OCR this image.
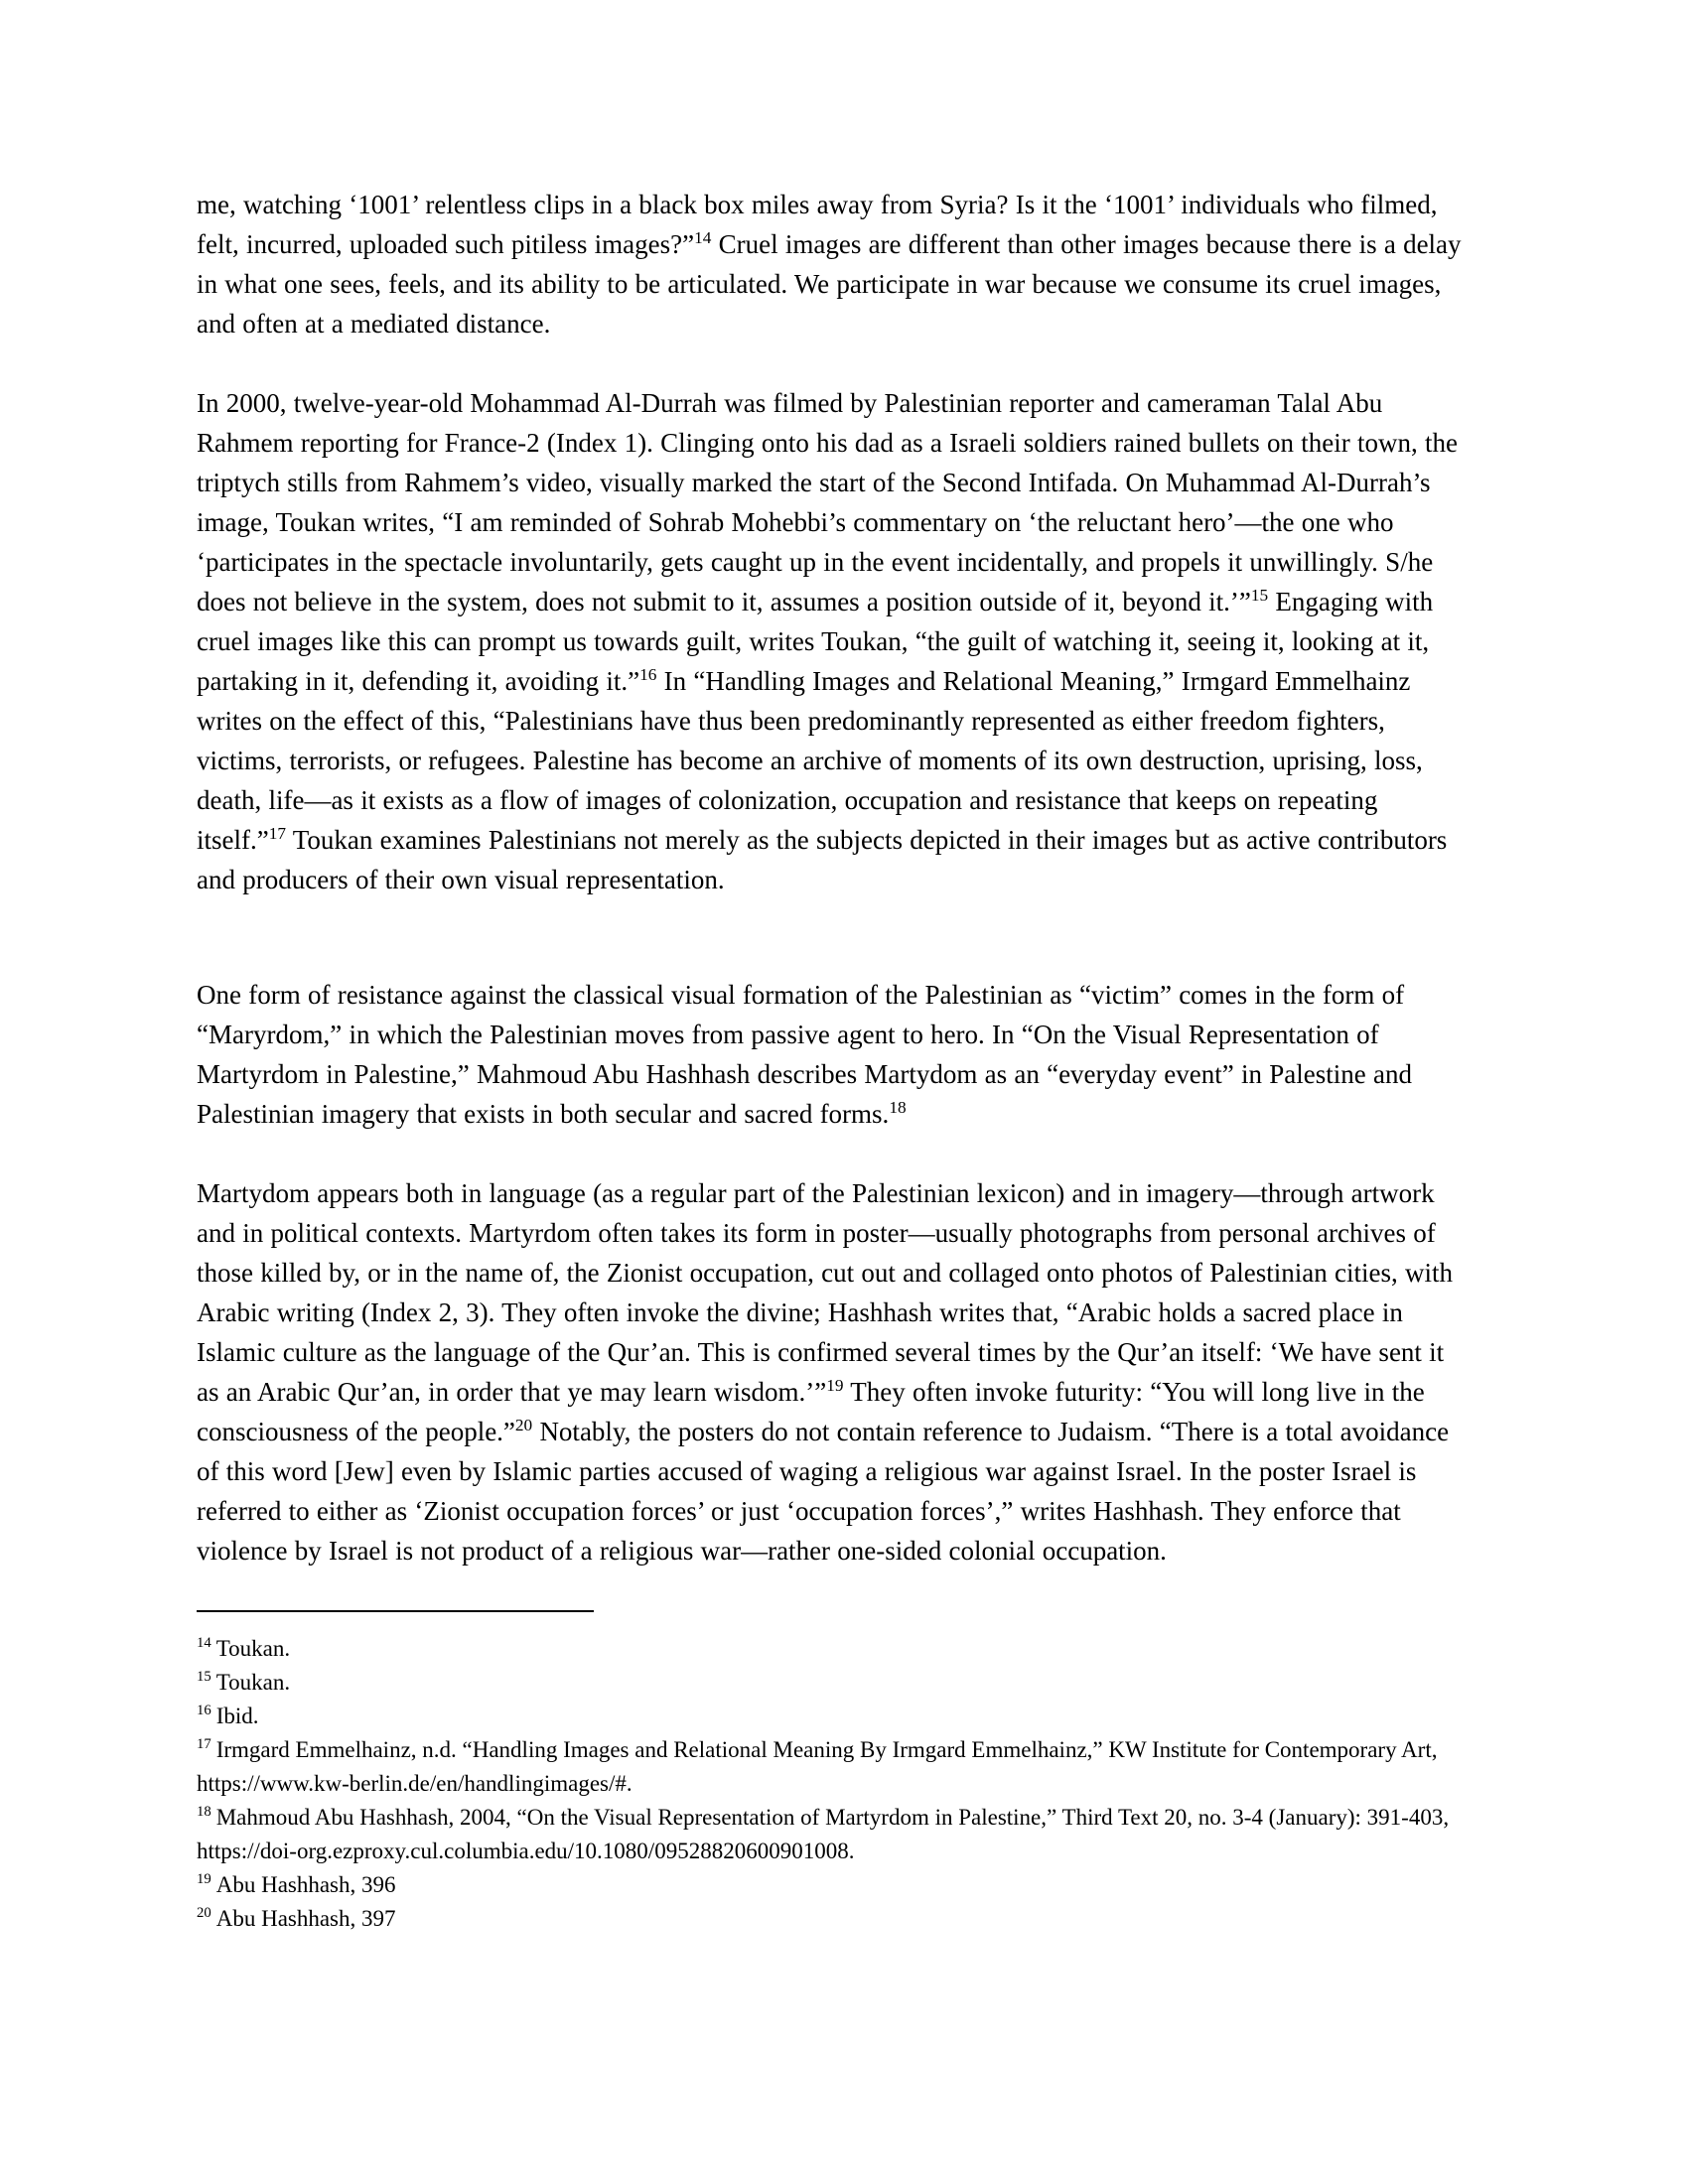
me, watching ‘1001’ relentless clips in a black box miles away from Syria? Is it the ‘1001’ individuals who filmed, felt, incurred, uploaded such pitiless images?”$^{14}$ Cruel images are different than other images because there is a delay in what one sees, feels, and its ability to be articulated. We participate in war because we consume its cruel images, and often at a mediated distance.

In 2000, twelve-year-old Mohammad Al-Durrah was filmed by Palestinian reporter and cameraman Talal Abu Rahmem reporting for France-2 (Index 1). Clinging onto his dad as a Israeli soldiers rained bullets on their town, the triptych stills from Rahmem’s video, visually marked the start of the Second Intifada. On Muhammad Al-Durrah’s image, Toukan writes, “I am reminded of Sohrab Mohebbi’s commentary on ‘the reluctant hero’—the one who ‘participates in the spectacle involuntarily, gets caught up in the event incidentally, and propels it unwillingly. S/he does not believe in the system, does not submit to it, assumes a position outside of it, beyond it.’”$^{15}$ Engaging with cruel images like this can prompt us towards guilt, writes Toukan, “the guilt of watching it, seeing it, looking at it, partaking in it, defending it, avoiding it.”$^{16}$ In “Handling Images and Relational Meaning,” Irmgard Emmelhainz writes on the effect of this, “Palestinians have thus been predominantly represented as either freedom fighters, victims, terrorists, or refugees. Palestine has become an archive of moments of its own destruction, uprising, loss, death, life—as it exists as a flow of images of colonization, occupation and resistance that keeps on repeating itself.”$^{17}$ Toukan examines Palestinians not merely as the subjects depicted in their images but as active contributors and producers of their own visual representation.

One form of resistance against the classical visual formation of the Palestinian as “victim” comes in the form of “Maryrdom,” in which the Palestinian moves from passive agent to hero. In “On the Visual Representation of Martyrdom in Palestine,” Mahmoud Abu Hashhash describes Martydom as an “everyday event” in Palestine and Palestinian imagery that exists in both secular and sacred forms.$^{18}$

Martydom appears both in language (as a regular part of the Palestinian lexicon) and in imagery—through artwork and in political contexts. Martyrdom often takes its form in poster—usually photographs from personal archives of those killed by, or in the name of, the Zionist occupation, cut out and collaged onto photos of Palestinian cities, with Arabic writing (Index 2, 3). They often invoke the divine; Hashhash writes that, “Arabic holds a sacred place in Islamic culture as the language of the Qur’an. This is confirmed several times by the Qur’an itself: ‘We have sent it as an Arabic Qur’an, in order that ye may learn wisdom.’”$^{19}$ They often invoke futurity: “You will long live in the consciousness of the people.”$^{20}$ Notably, the posters do not contain reference to Judaism. “There is a total avoidance of this word [Jew] even by Islamic parties accused of waging a religious war against Israel. In the poster Israel is referred to either as ‘Zionist occupation forces’ or just ‘occupation forces’,” writes Hashhash. They enforce that violence by Israel is not product of a religious war—rather one-sided colonial occupation.

$^{14}$ Toukan.
$^{15}$ Toukan.
$^{16}$ Ibid.
$^{17}$ Irmgard Emmelhainz, n.d. “Handling Images and Relational Meaning By Irmgard Emmelhainz,” KW Institute for Contemporary Art, https://www.kw-berlin.de/en/handlingimages/#.
$^{18}$ Mahmoud Abu Hashhash, 2004, “On the Visual Representation of Martyrdom in Palestine,” Third Text 20, no. 3-4 (January): 391-403, https://doi-org.ezproxy.cul.columbia.edu/10.1080/09528820600901008.
$^{19}$ Abu Hashhash, 396
$^{20}$ Abu Hashhash, 397
